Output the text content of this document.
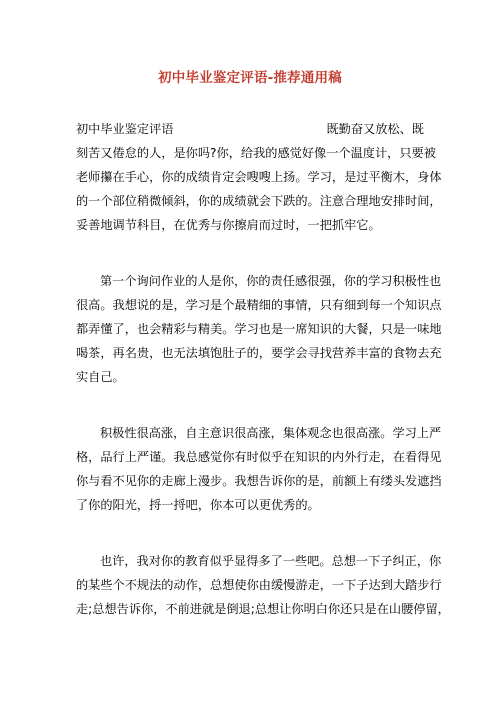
初中毕业鉴定评语-推荐通用稿
初中毕业鉴定评语	既勤奋又放松、既
刻苦又倦怠的人，是你吗?你，给我的感觉好像一个温度计，只要被
老师攥在手心，你的成绩肯定会嗖嗖上扬。学习，是过平衡木，身体
的一个部位稍微倾斜，你的成绩就会下跌的。注意合理地安排时间，
妥善地调节科目，在优秀与你擦肩而过时，一把抓牢它。
第一个询问作业的人是你，你的责任感很强，你的学习积极性也
很高。我想说的是，学习是个最精细的事情，只有细到每一个知识点
都弄懂了，也会精彩与精美。学习也是一席知识的大餐，只是一味地
喝茶，再名贵，也无法填饱肚子的，要学会寻找营养丰富的食物去充
实自己。
积极性很高涨，自主意识很高涨，集体观念也很高涨。学习上严
格，品行上严谨。我总感觉你有时似乎在知识的内外行走，在看得见
你与看不见你的走廊上漫步。我想告诉你的是，前额上有缕头发遮挡
了你的阳光，捋一捋吧，你本可以更优秀的。
也许，我对你的教育似乎显得多了一些吧。总想一下子纠正，你
的某些个不规法的动作，总想使你由缓慢游走，一下子达到大踏步行
走;总想告诉你，不前进就是倒退;总想让你明白你还只是在山腰停留，
